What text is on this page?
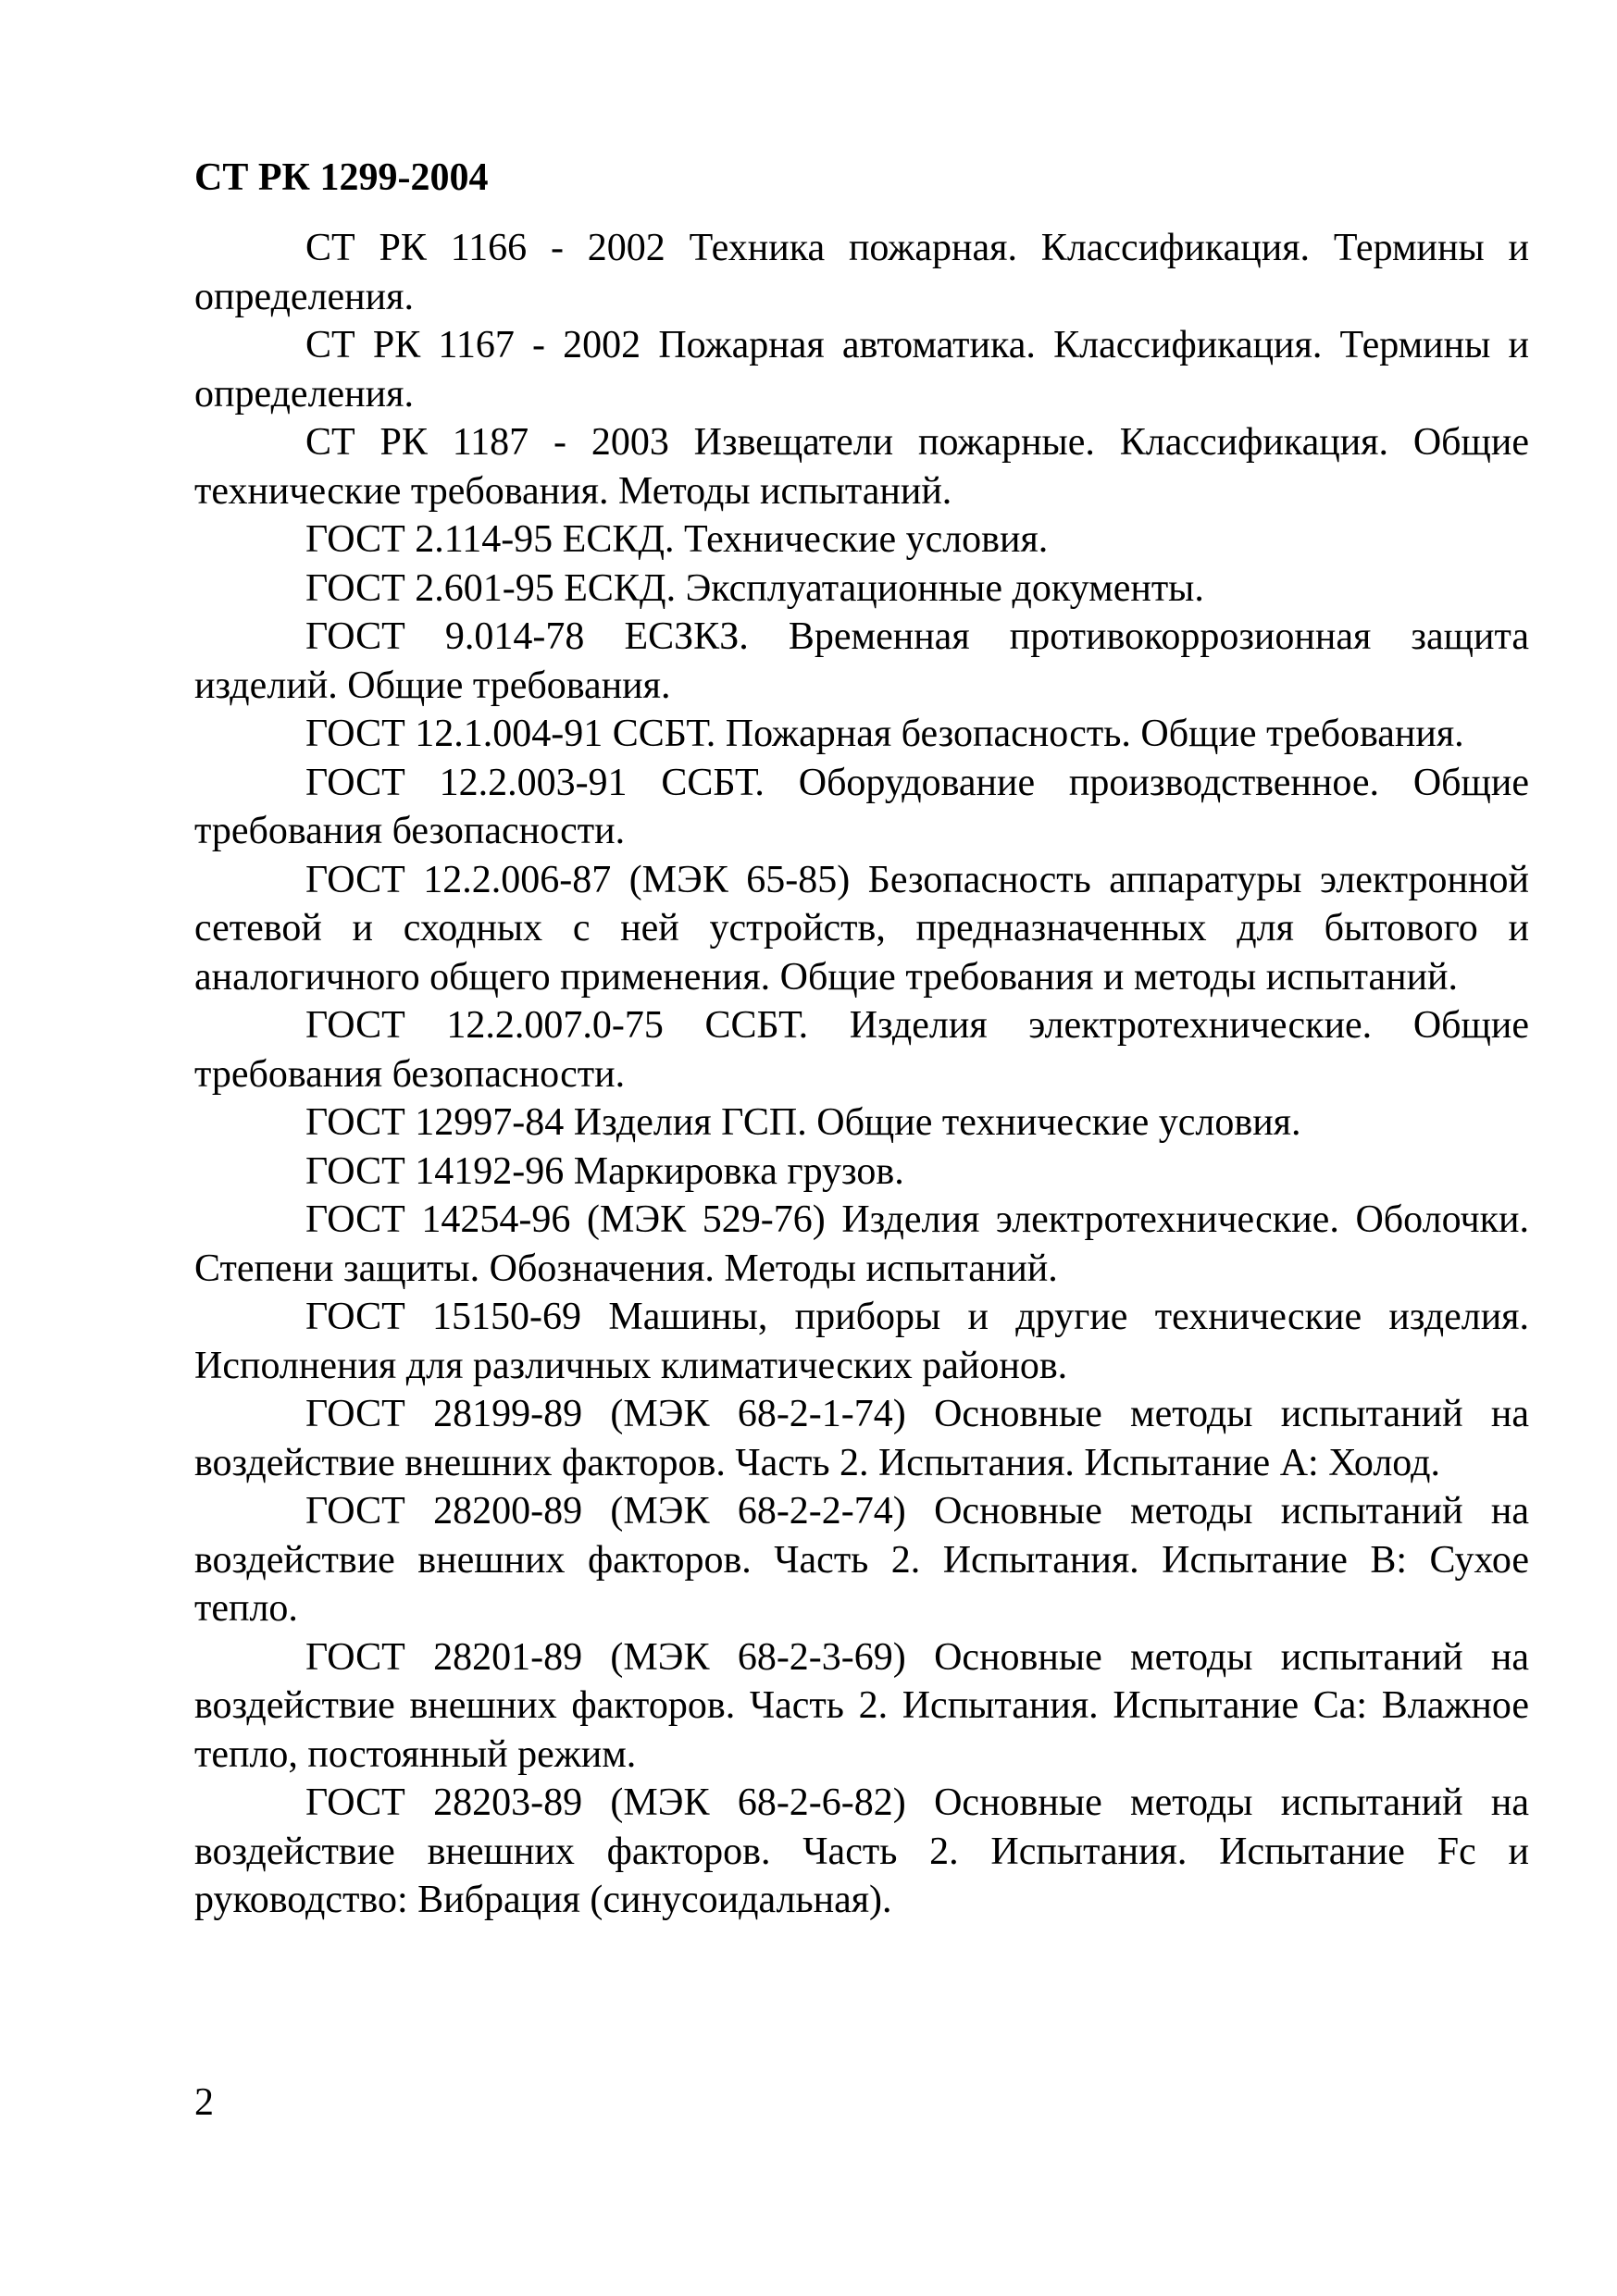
СТ РК 1299-2004

СТ РК 1166 - 2002 Техника пожарная. Классификация. Термины и определения.

СТ РК 1167 - 2002 Пожарная автоматика. Классификация. Термины и определения.

СТ РК 1187 - 2003 Извещатели пожарные. Классификация. Общие технические требования. Методы испытаний.

ГОСТ 2.114-95 ЕСКД. Технические условия.

ГОСТ 2.601-95 ЕСКД. Эксплуатационные документы.

ГОСТ 9.014-78 ЕСЗКЗ. Временная противокоррозионная защита изделий. Общие требования.

ГОСТ 12.1.004-91 ССБТ. Пожарная безопасность. Общие требования.

ГОСТ 12.2.003-91 ССБТ. Оборудование производственное. Общие требования безопасности.

ГОСТ 12.2.006-87 (МЭК 65-85) Безопасность аппаратуры электронной сетевой и сходных с ней устройств, предназначенных для бытового и аналогичного общего применения. Общие требования и методы испытаний.

ГОСТ 12.2.007.0-75 ССБТ. Изделия электротехнические. Общие требования безопасности.

ГОСТ 12997-84 Изделия ГСП. Общие технические условия.

ГОСТ 14192-96 Маркировка грузов.

ГОСТ 14254-96 (МЭК 529-76) Изделия электротехнические. Оболочки. Степени защиты. Обозначения. Методы испытаний.

ГОСТ 15150-69 Машины, приборы и другие технические изделия. Исполнения для различных климатических районов.

ГОСТ 28199-89 (МЭК 68-2-1-74) Основные методы испытаний на воздействие внешних факторов. Часть 2. Испытания. Испытание А: Холод.

ГОСТ 28200-89 (МЭК 68-2-2-74) Основные методы испытаний на воздействие внешних факторов. Часть 2. Испытания. Испытание В: Сухое тепло.

ГОСТ 28201-89 (МЭК 68-2-3-69) Основные методы испытаний на воздействие внешних факторов. Часть 2. Испытания. Испытание Са: Влажное тепло, постоянный режим.

ГОСТ 28203-89 (МЭК 68-2-6-82) Основные методы испытаний на воздействие внешних факторов. Часть 2. Испытания. Испытание Fc и руководство: Вибрация (синусоидальная).

2
